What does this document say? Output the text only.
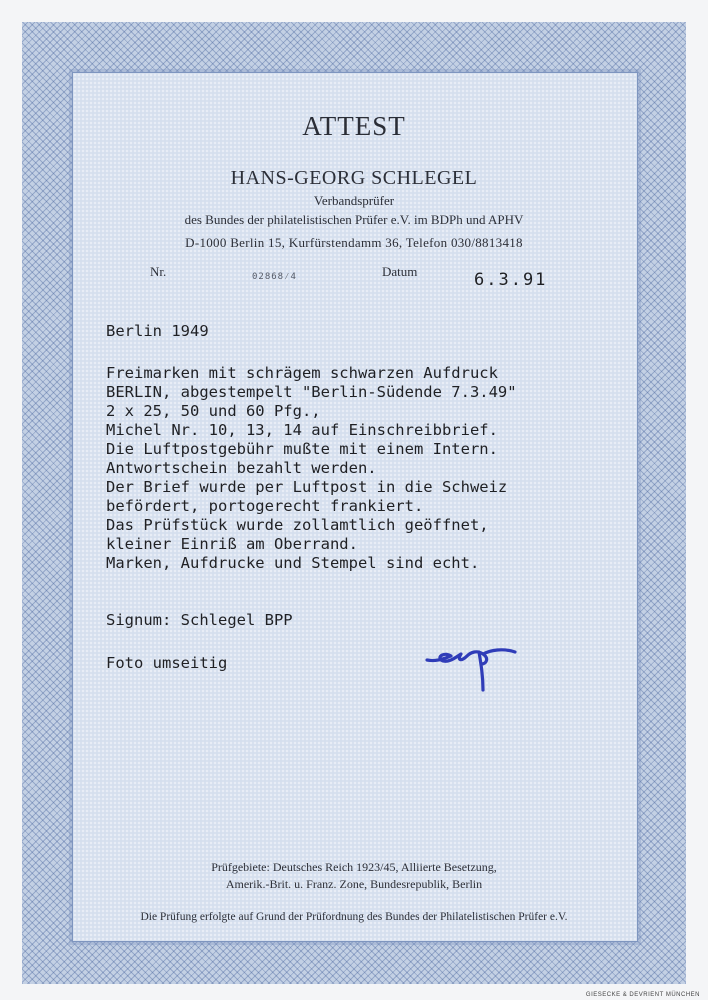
ATTEST
HANS-GEORG SCHLEGEL
Verbandsprüfer
des Bundes der philatelistischen Prüfer e.V. im BDPh und APHV
D-1000 Berlin 15, Kurfürstendamm 36, Telefon 030/8813418
Nr.	02868⁄4	Datum	6.3.91
Berlin 1949
Freimarken mit schrägem schwarzen Aufdruck
BERLIN, abgestempelt "Berlin-Südende 7.3.49"
2 x 25, 50 und 60 Pfg.,
Michel Nr. 10, 13, 14 auf Einschreibbrief.
Die Luftpostgebühr mußte mit einem Intern.
Antwortschein bezahlt werden.
Der Brief wurde per Luftpost in die Schweiz
befördert, portogerecht frankiert.
Das Prüfstück wurde zollamtlich geöffnet,
kleiner Einriß am Oberrand.
Marken, Aufdrucke und Stempel sind echt.
Signum: Schlegel BPP
Foto umseitig
Prüfgebiete: Deutsches Reich 1923/45, Alliierte Besetzung,
Amerik.-Brit. u. Franz. Zone, Bundesrepublik, Berlin
Die Prüfung erfolgte auf Grund der Prüfordnung des Bundes der Philatelistischen Prüfer e.V.
GIESECKE & DEVRIENT MÜNCHEN
